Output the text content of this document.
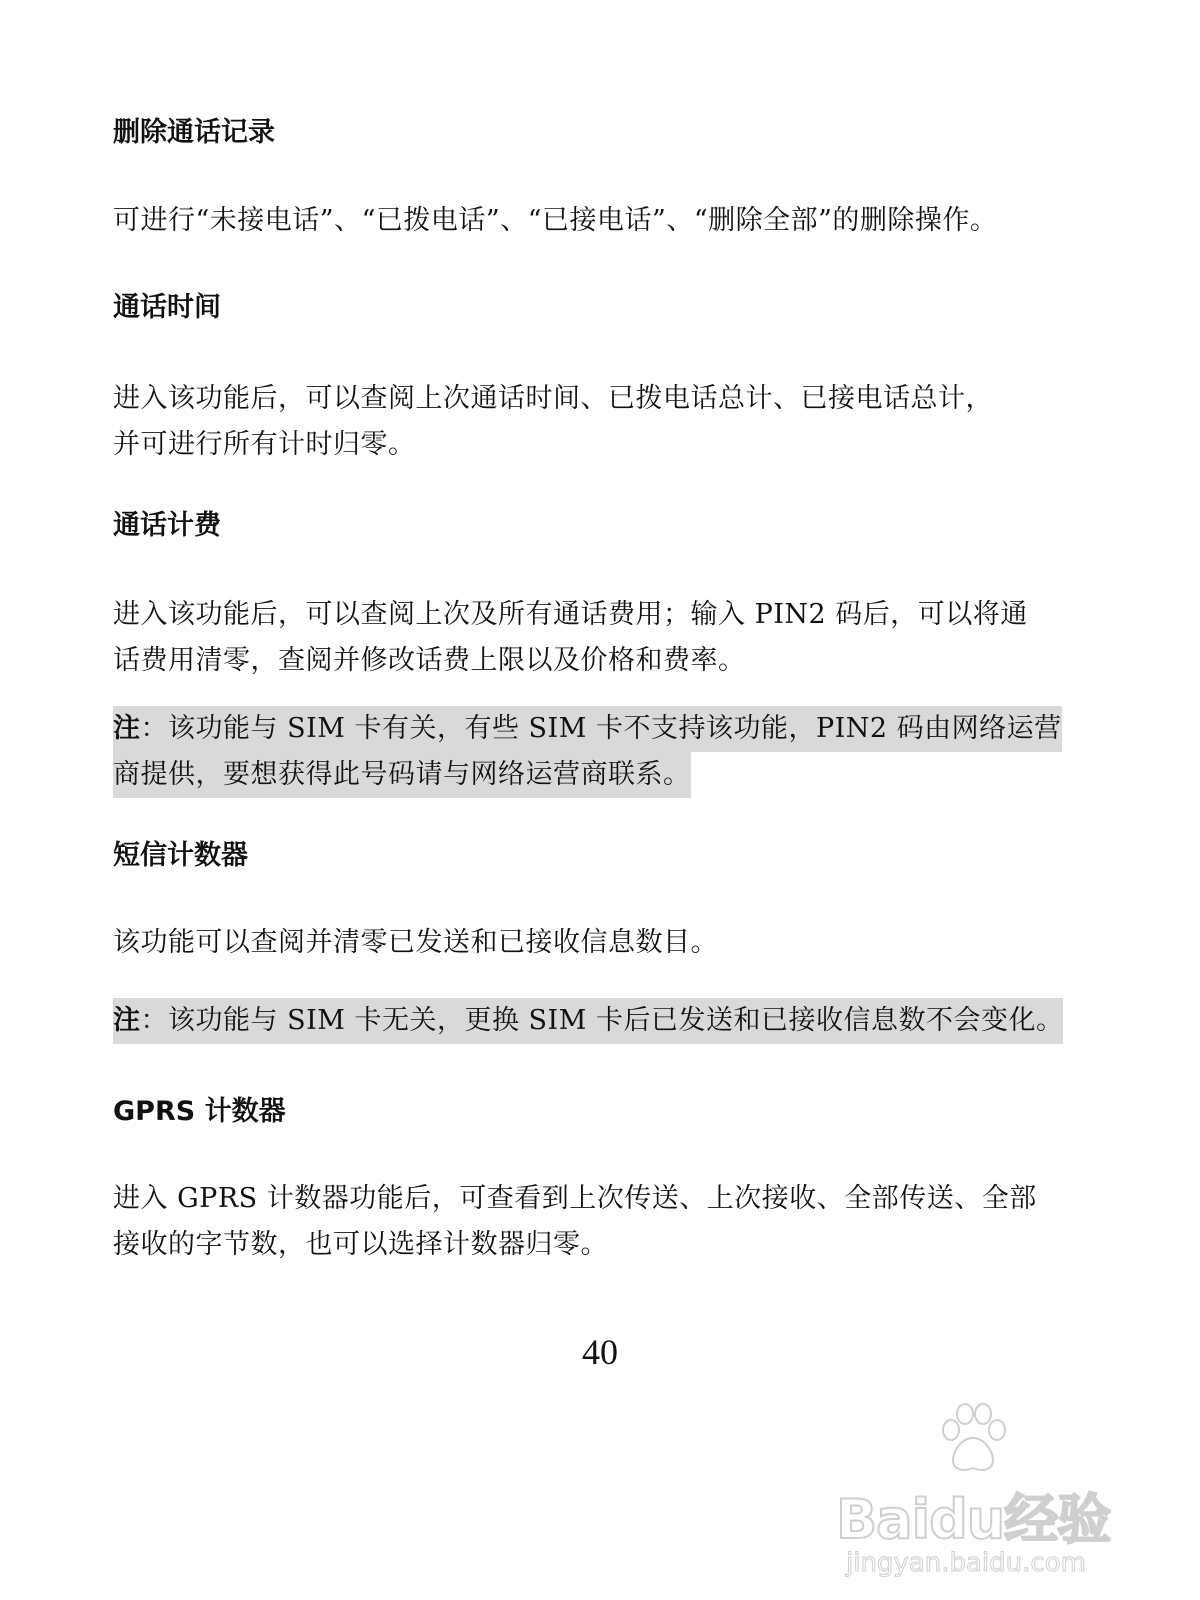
删除通话记录
可进行“未接电话”、“已拨电话”、“已接电话”、“删除全部”的删除操作。
通话时间
进入该功能后，可以查阅上次通话时间、已拨电话总计、已接电话总计，
并可进行所有计时归零。
通话计费
进入该功能后，可以查阅上次及所有通话费用；输入 PIN2 码后，可以将通
话费用清零，查阅并修改话费上限以及价格和费率。
注：该功能与 SIM 卡有关，有些 SIM 卡不支持该功能，PIN2 码由网络运营
商提供，要想获得此号码请与网络运营商联系。
短信计数器
该功能可以查阅并清零已发送和已接收信息数目。
注：该功能与 SIM 卡无关，更换 SIM 卡后已发送和已接收信息数不会变化。
GPRS 计数器
进入 GPRS 计数器功能后，可查看到上次传送、上次接收、全部传送、全部
接收的字节数，也可以选择计数器归零。
40
Baidu经验
jingyan.baidu.com
